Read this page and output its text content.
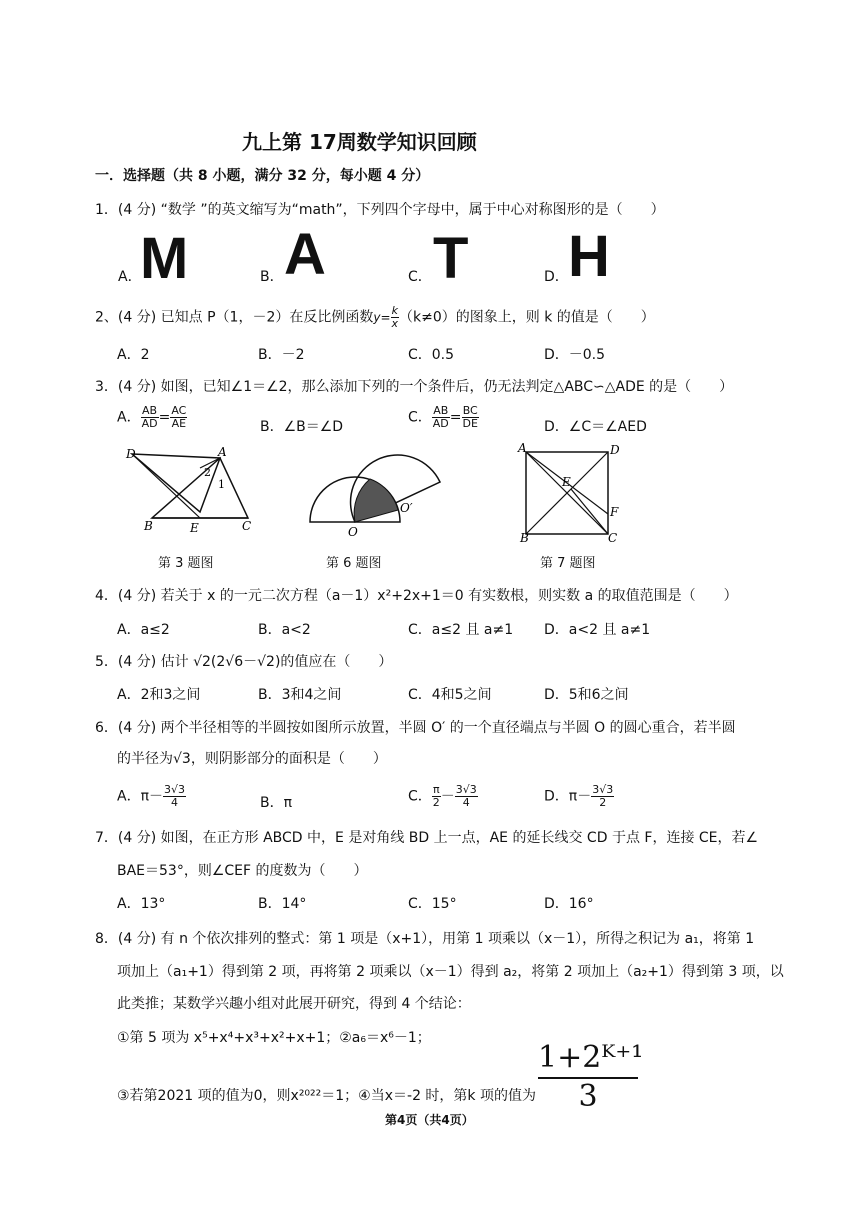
九上第 17周数学知识回顾
一．选择题（共 8 小题，满分 32 分，每小题 4 分）
1．(4 分) “数学 ”的英文缩写为“math”，下列四个字母中，属于中心对称图形的是（　　）
A．
M	B． A	C． T	D． H
2、(4 分) 已知点 P（1，－2）在反比例函数$y= \frac{k}{x} (k\ne 0)$的图象上，则 k 的值是（　　）
A．2	B．－2	C．0.5	D．－0.5
3．(4 分) 如图，已知∠1＝∠2，那么添加下列的一个条件后，仍无法判定△ABC∽△ADE 的是（　　）
A． $\frac{AB}{AD} = \frac{AC}{AE}$	B．∠B＝∠D
C． $\frac{AB}{AD} = \frac{BC}{DE}$	D．∠C＝∠AED
D	A
2
1
B	E	C
第 3 题图
O
O′
第 6 题图
A	D
E
F
B	C
第 7 题图
4．(4 分) 若关于 x 的一元二次方程（a－1）x²+2x+1＝0 有实数根，则实数 a 的取值范围是（　　）
A．a≤2	B．a<2	C．a≤2 且 a≠1 D．a<2 且 a≠1
5．(4 分) 估计 √2(2√6－√2)的值应在（　　）
A．2和3之间	B．3和4之间	C．4和5之间	D．5和6之间
6．(4 分) 两个半径相等的半圆按如图所示放置，半圆 O′ 的一个直径端点与半圆 O 的圆心重合，若半圆
的半径为√3，则阴影部分的面积是（　　）
A．$\pi- \frac{3√3}{4}$	B．π	C． $\frac{\pi}{2} - \frac{3√3}{4}$	D．$\pi- \frac{3√3}{2}$
7．(4 分) 如图，在正方形 ABCD 中，E 是对角线 BD 上一点，AE 的延长线交 CD 于点 F，连接 CE，若∠
BAE＝53°，则∠CEF 的度数为（　　）
A．13°	B．14°	C．15°	D．16°
8．(4 分) 有 n 个依次排列的整式：第 1 项是（x+1），用第 1 项乘以（x－1），所得之积记为 a₁，将第 1
项加上（a₁+1）得到第 2 项，再将第 2 项乘以（x－1）得到 a₂，将第 2 项加上（a₂+1）得到第 3 项，以
此类推；某数学兴趣小组对此展开研究，得到 4 个结论：
①第 5 项为 x⁵+x⁴+x³+x²+x+1；②a₆＝x⁶－1；
③若第2021 项的值为0，则x²⁰²²＝1；④当x＝-2 时，第k 项的值为 $\frac{\text{1+2ᴷ⁺¹}}{3}$
第4页（共4页）
